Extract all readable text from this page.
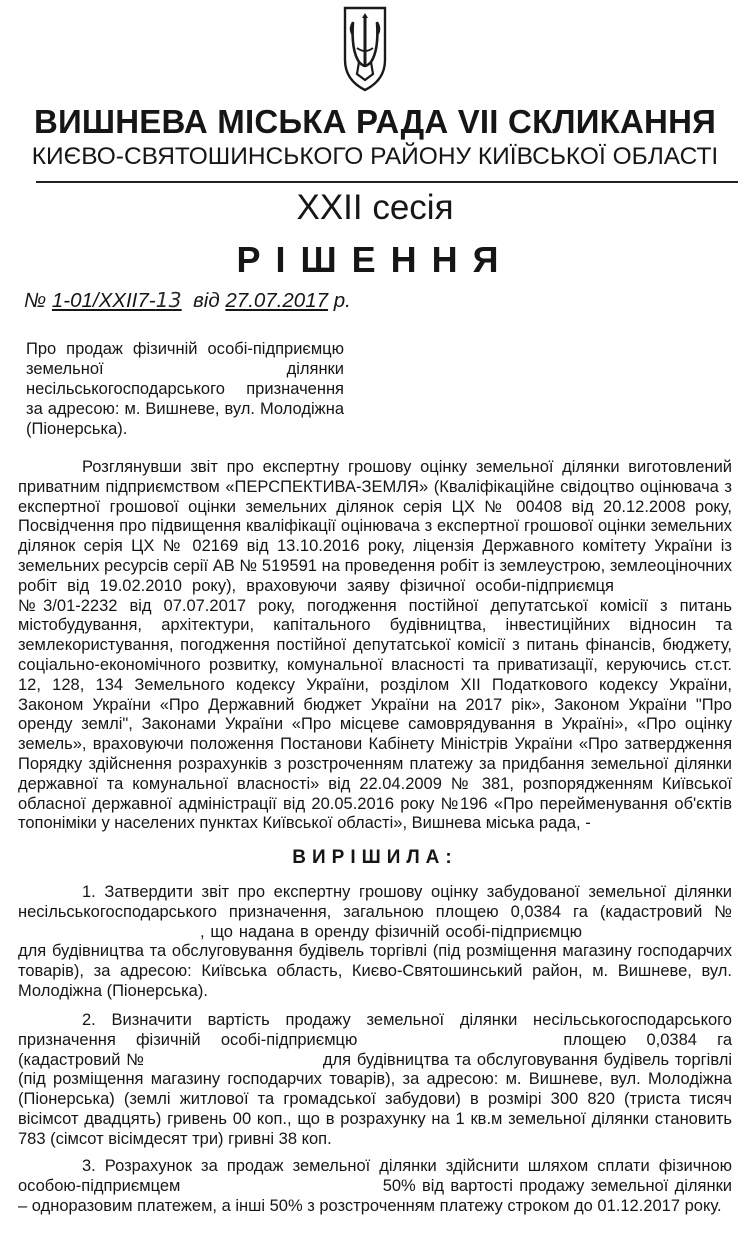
ВИШНЕВА МІСЬКА РАДА VII СКЛИКАННЯ
КИЄВО-СВЯТОШИНСЬКОГО РАЙОНУ КИЇВСЬКОЇ ОБЛАСТІ
XXII сесія
РІШЕННЯ
№ 1-01/XXII7-13 від 27.07.2017 р.
Про продаж фізичній особі-підприємцю земельної ділянки несільськогосподарського призначення за адресою: м. Вишневе, вул. Молодіжна (Піонерська).

Розглянувши звіт про експертну грошову оцінку земельної ділянки виготовлений приватним підприємством «ПЕРСПЕКТИВА-ЗЕМЛЯ» (Кваліфікаційне свідоцтво оцінювача з експертної грошової оцінки земельних ділянок серія ЦХ № 00408 від 20.12.2008 року, Посвідчення про підвищення кваліфікації оцінювача з експертної грошової оцінки земельних ділянок серія ЦХ № 02169 від 13.10.2016 року, ліцензія Державного комітету України із земельних ресурсів серії АВ № 519591 на проведення робіт із землеустрою, землеоціночних робіт від 19.02.2010 року), враховуючи заяву фізичної особи-підприємця№3/01-2232 від 07.07.2017 року, погодження постійної депутатської комісії з питань містобудування, архітектури, капітального будівництва, інвестиційних відносин та землекористування, погодження постійної депутатської комісії з питань фінансів, бюджету, соціально-економічного розвитку, комунальної власності та приватизації, керуючись ст.ст. 12, 128, 134 Земельного кодексу України, розділом XII Податкового кодексу України, Законом України «Про Державний бюджет України на 2017 рік», Законом України "Про оренду землі", Законами України «Про місцеве самоврядування в Україні», «Про оцінку земель», враховуючи положення Постанови Кабінету Міністрів України «Про затвердження Порядку здійснення розрахунків з розстроченням платежу за придбання земельної ділянки державної та комунальної власності» від 22.04.2009 № 381, розпорядженням Київської обласної державної адміністрації від 20.05.2016 року №196 «Про перейменування об'єктів топоніміки у населених пунктах Київської області», Вишнева міська рада, -

ВИРІШИЛА:

1. Затвердити звіт про експертну грошову оцінку забудованої земельної ділянки несільськогосподарського призначення, загальною площею 0,0384 га (кадастровий №, що надана в оренду фізичній особі-підприємцю для будівництва та обслуговування будівель торгівлі (під розміщення магазину господарчих товарів), за адресою: Київська область, Києво-Святошинський район, м. Вишневе, вул. Молодіжна (Піонерська).

2. Визначити вартість продажу земельної ділянки несільськогосподарського призначення фізичній особі-підприємцю	площею 0,0384 га (кадастровий №	для будівництва та обслуговування будівель торгівлі (під розміщення магазину господарчих товарів), за адресою: м. Вишневе, вул. Молодіжна (Піонерська) (землі житлової та громадської забудови) в розмірі 300 820 (триста тисяч вісімсот двадцять) гривень 00 коп., що в розрахунку на 1 кв.м земельної ділянки становить 783 (сімсот вісімдесят три) гривні 38 коп.

3. Розрахунок за продаж земельної ділянки здійснити шляхом сплати фізичною особою-підприємцем	50% від вартості продажу земельної ділянки – одноразовим платежем, а інші 50% з розстроченням платежу строком до 01.12.2017 року.
